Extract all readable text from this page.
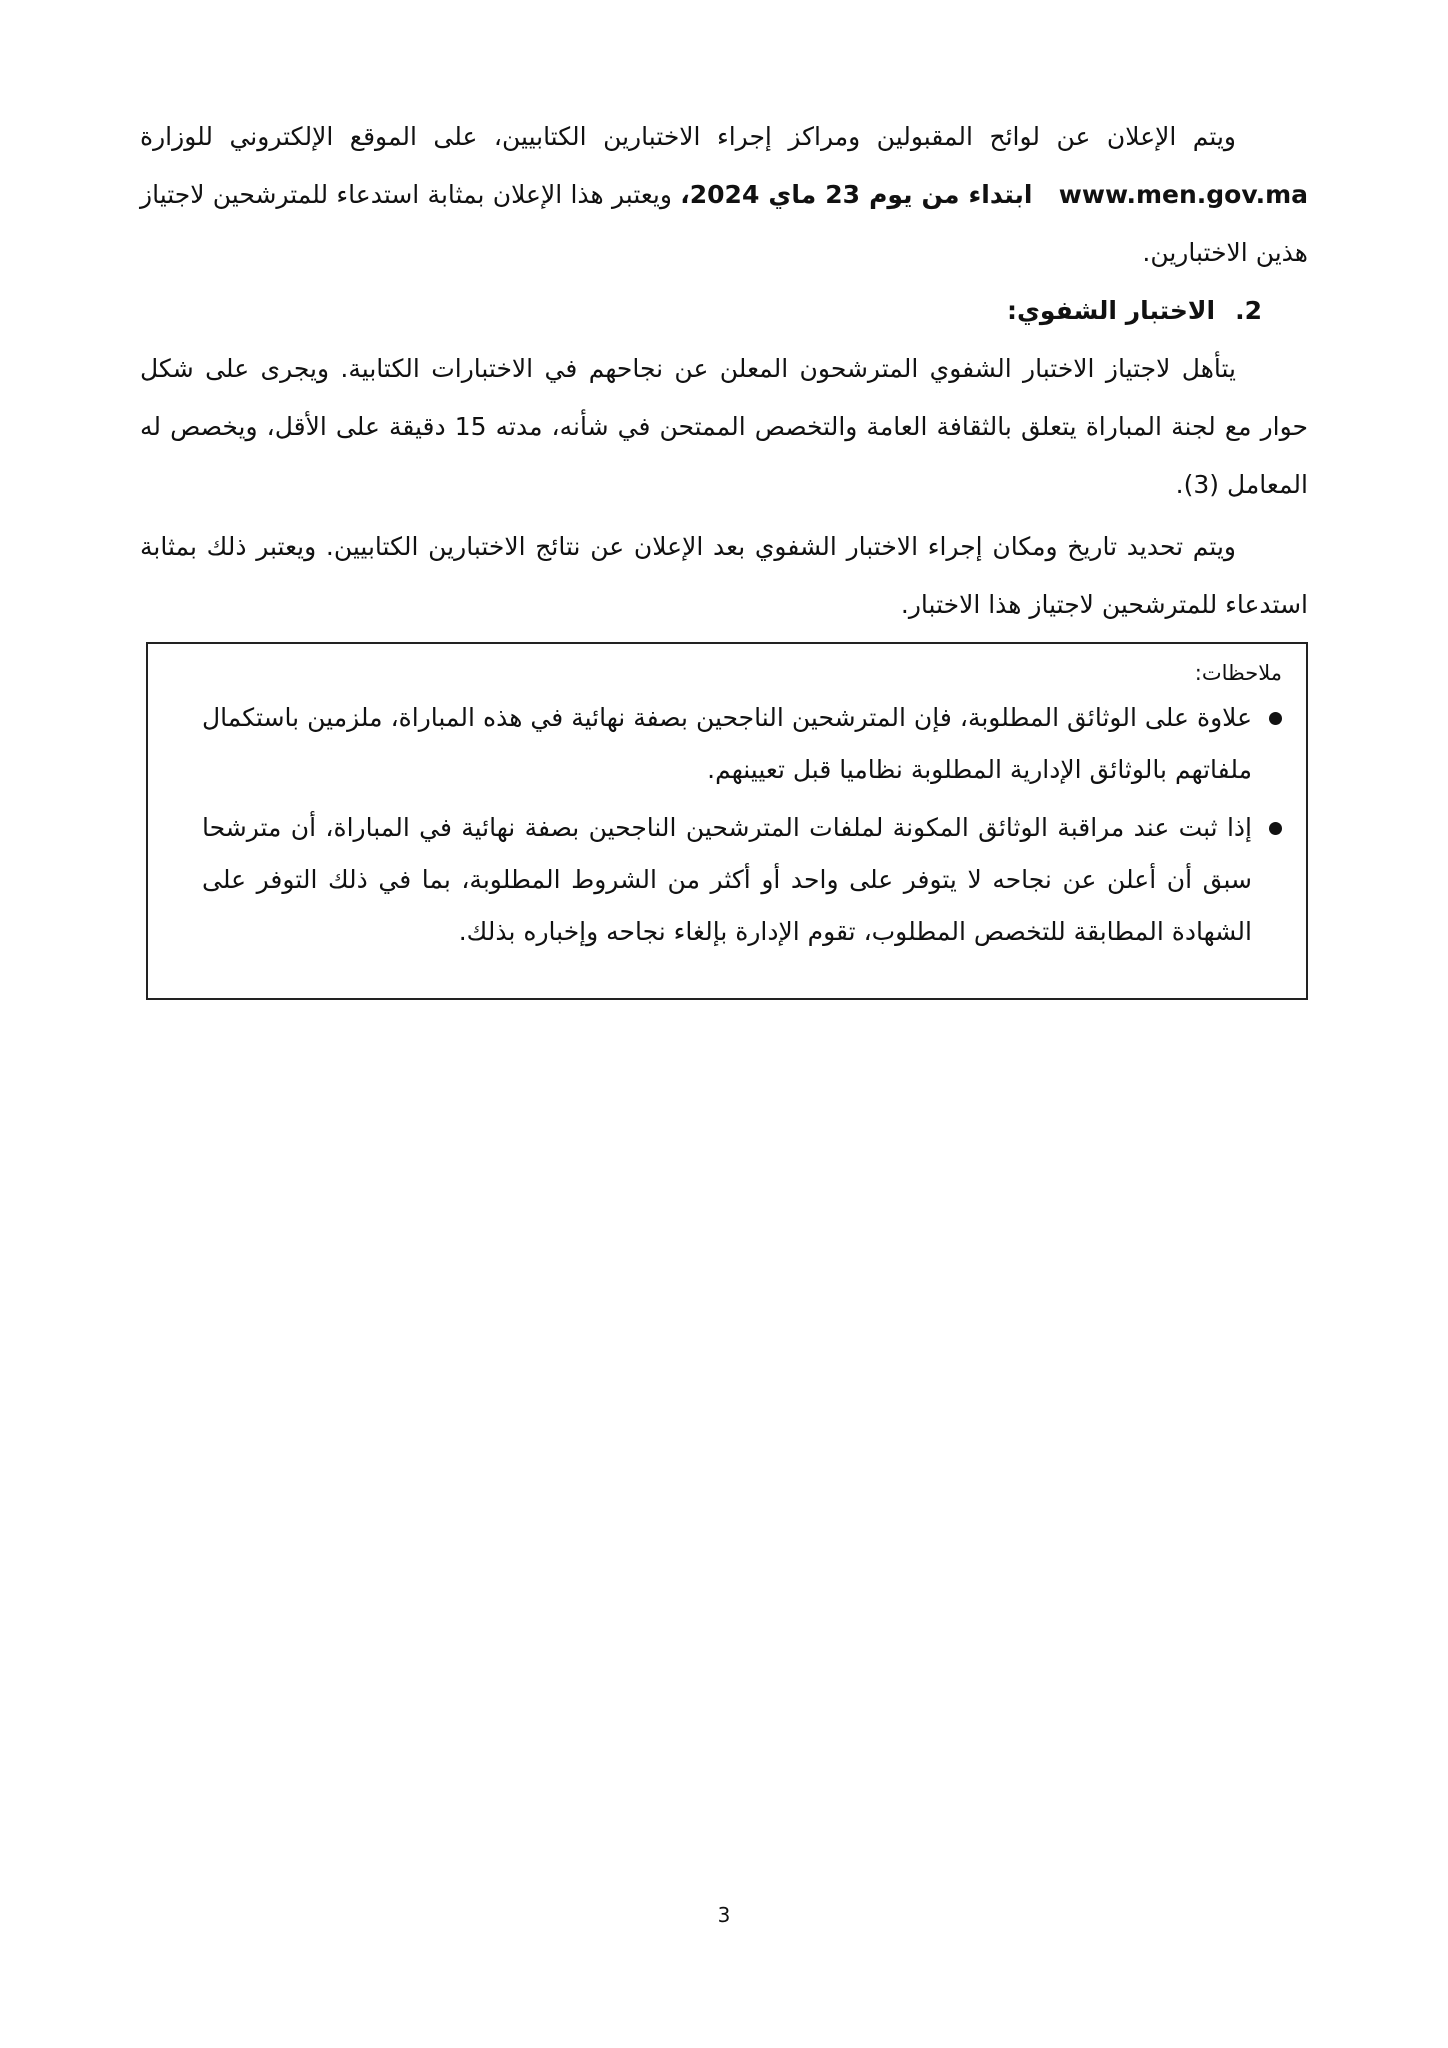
ويتم الإعلان عن لوائح المقبولين ومراكز إجراء الاختبارين الكتابيين، على الموقع الإلكتروني للوزارة www.men.gov.ma ابتداء من يوم 23 ماي 2024، ويعتبر هذا الإعلان بمثابة استدعاء للمترشحين لاجتياز هذين الاختبارين.

2.الاختبار الشفوي:

يتأهل لاجتياز الاختبار الشفوي المترشحون المعلن عن نجاحهم في الاختبارات الكتابية. ويجرى على شكل حوار مع لجنة المباراة يتعلق بالثقافة العامة والتخصص الممتحن في شأنه، مدته 15 دقيقة على الأقل، ويخصص له المعامل (3).

ويتم تحديد تاريخ ومكان إجراء الاختبار الشفوي بعد الإعلان عن نتائج الاختبارين الكتابيين. ويعتبر ذلك بمثابة استدعاء للمترشحين لاجتياز هذا الاختبار.

ملاحظات:
علاوة على الوثائق المطلوبة، فإن المترشحين الناجحين بصفة نهائية في هذه المباراة، ملزمين باستكمال ملفاتهم بالوثائق الإدارية المطلوبة نظاميا قبل تعيينهم.
إذا ثبت عند مراقبة الوثائق المكونة لملفات المترشحين الناجحين بصفة نهائية في المباراة، أن مترشحا سبق أن أعلن عن نجاحه لا يتوفر على واحد أو أكثر من الشروط المطلوبة، بما في ذلك التوفر على الشهادة المطابقة للتخصص المطلوب، تقوم الإدارة بإلغاء نجاحه وإخباره بذلك.
3
